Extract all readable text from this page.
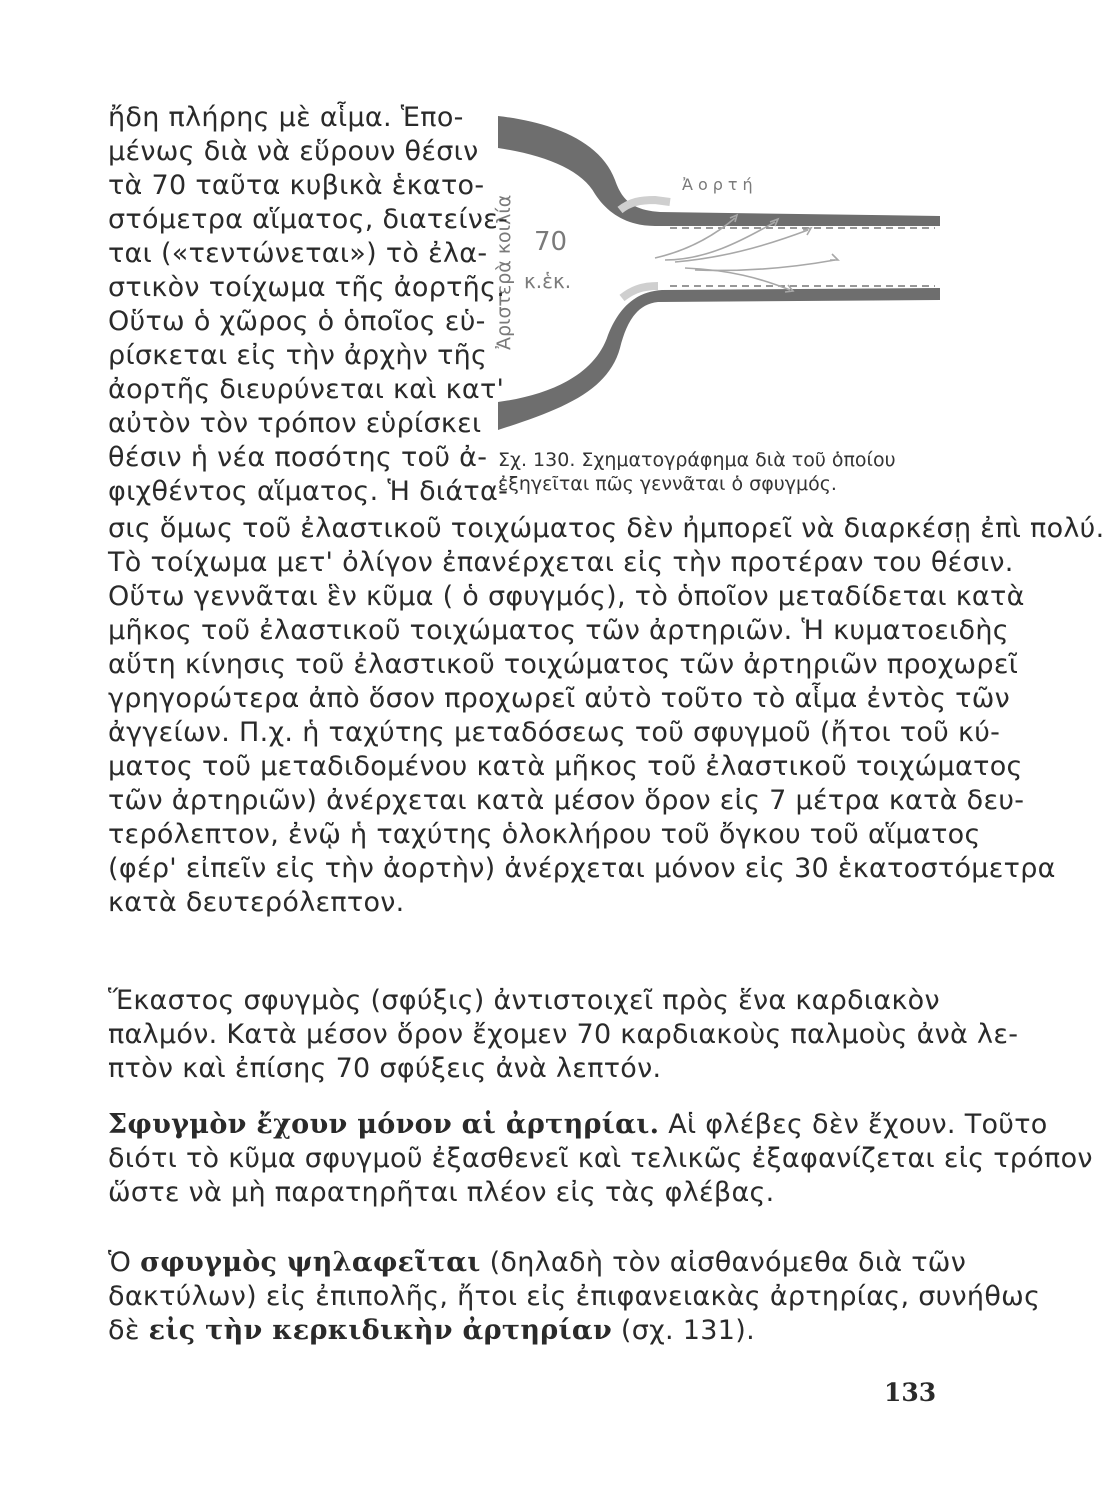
Ἀριστερὰ κοιλία
Ἀορτή
70
κ.ἑκ.
Σχ. 130. Σχηματογράφημα διὰ τοῦ ὁποίου
ἐξηγεῖται πῶς γεννᾶται ὁ σφυγμός.
ἤδη πλήρης μὲ αἷμα. Ἑπο-
μένως διὰ νὰ εὕρουν θέσιν
τὰ 70 ταῦτα κυβικὰ ἑκατο-
στόμετρα αἵματος, διατείνε-
ται («τεντώνεται») τὸ ἐλα-
στικὸν τοίχωμα τῆς ἀορτῆς.
Οὕτω ὁ χῶρος ὁ ὁποῖος εὑ-
ρίσκεται εἰς τὴν ἀρχὴν τῆς
ἀορτῆς διευρύνεται καὶ κατ'
αὐτὸν τὸν τρόπον εὑρίσκει
θέσιν ἡ νέα ποσότης τοῦ ἀ-
φιχθέντος αἵματος. Ἡ διάτα-
σις ὅμως τοῦ ἐλαστικοῦ τοιχώματος δὲν ἠμπορεῖ νὰ διαρκέσῃ ἐπὶ πολύ.
Τὸ τοίχωμα μετ' ὀλίγον ἐπανέρχεται εἰς τὴν προτέραν του θέσιν.
Οὕτω γεννᾶται ἓν κῦμα ( ὁ σφυγμός), τὸ ὁποῖον μεταδίδεται κατὰ
μῆκος τοῦ ἐλαστικοῦ τοιχώματος τῶν ἀρτηριῶν. Ἡ κυματοειδὴς
αὕτη κίνησις τοῦ ἐλαστικοῦ τοιχώματος τῶν ἀρτηριῶν προχωρεῖ
γρηγορώτερα ἀπὸ ὅσον προχωρεῖ αὐτὸ τοῦτο τὸ αἷμα ἐντὸς τῶν
ἀγγείων. Π.χ. ἡ ταχύτης μεταδόσεως τοῦ σφυγμοῦ (ἤτοι τοῦ κύ-
ματος τοῦ μεταδιδομένου κατὰ μῆκος τοῦ ἐλαστικοῦ τοιχώματος
τῶν ἀρτηριῶν) ἀνέρχεται κατὰ μέσον ὅρον εἰς 7 μέτρα κατὰ δευ-
τερόλεπτον, ἐνῷ ἡ ταχύτης ὁλοκλήρου τοῦ ὄγκου τοῦ αἵματος
(φέρ' εἰπεῖν εἰς τὴν ἀορτὴν) ἀνέρχεται μόνον εἰς 30 ἑκατοστόμετρα
κατὰ δευτερόλεπτον.
Ἕκαστος σφυγμὸς (σφύξις) ἀντιστοιχεῖ πρὸς ἕνα καρδιακὸν
παλμόν. Κατὰ μέσον ὅρον ἔχομεν 70 καρδιακοὺς παλμοὺς ἀνὰ λε-
πτὸν καὶ ἐπίσης 70 σφύξεις ἀνὰ λεπτόν.
Σφυγμὸν ἔχουν μόνον αἱ ἀρτηρίαι. Αἱ φλέβες δὲν ἔχουν. Τοῦτο
διότι τὸ κῦμα σφυγμοῦ ἐξασθενεῖ καὶ τελικῶς ἐξαφανίζεται εἰς τρόπον
ὥστε νὰ μὴ παρατηρῆται πλέον εἰς τὰς φλέβας.
Ὁ σφυγμὸς ψηλαφεῖται (δηλαδὴ τὸν αἰσθανόμεθα διὰ τῶν
δακτύλων) εἰς ἐπιπολῆς, ἤτοι εἰς ἐπιφανειακὰς ἀρτηρίας, συνήθως
δὲ εἰς τὴν κερκιδικὴν ἀρτηρίαν (σχ. 131).
133
